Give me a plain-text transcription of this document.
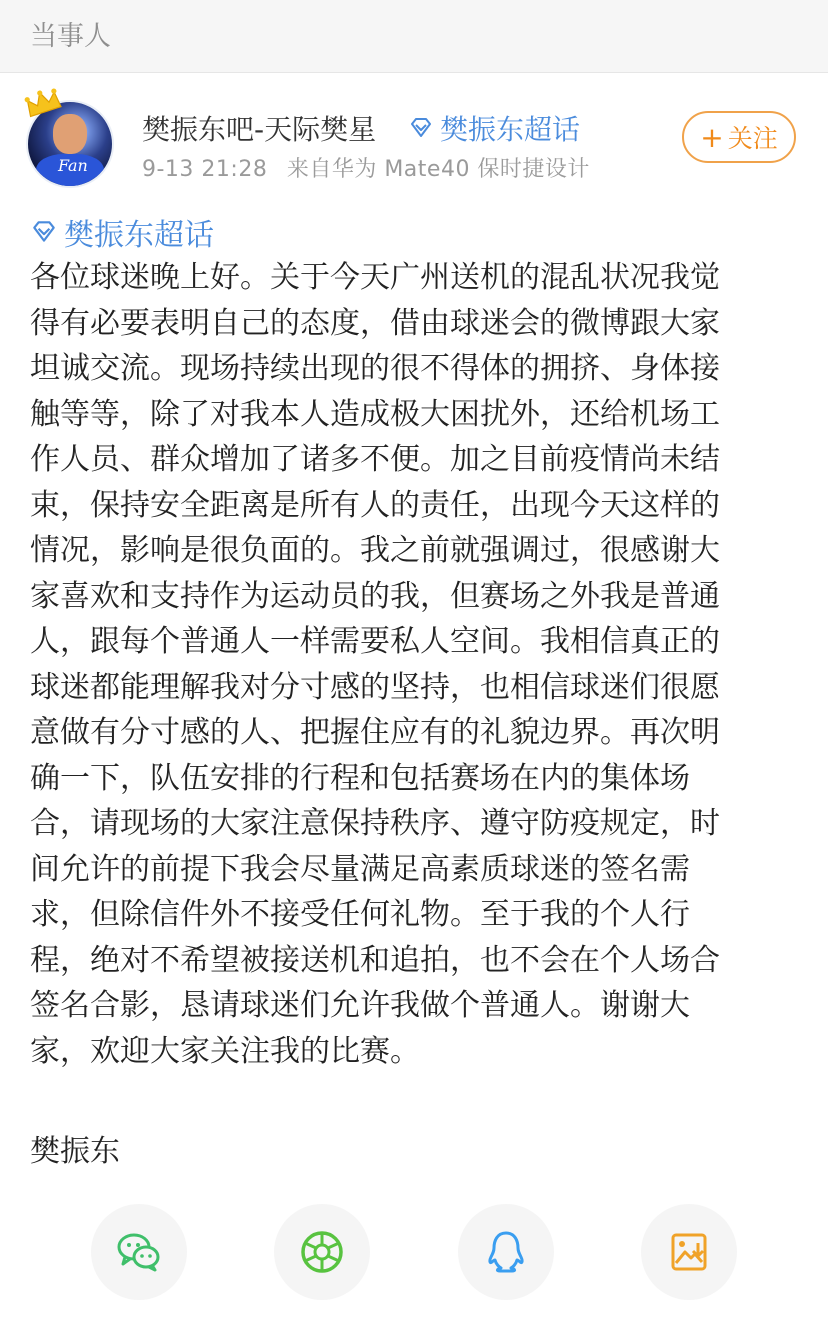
当事人
Fan
樊振东吧-天际樊星 樊振东超话
9-13 21:28 来自华为 Mate40 保时捷设计
+ 关注
樊振东超话
各位球迷晚上好。关于今天广州送机的混乱状况我觉
得有必要表明自己的态度，借由球迷会的微博跟大家
坦诚交流。现场持续出现的很不得体的拥挤、身体接
触等等，除了对我本人造成极大困扰外，还给机场工
作人员、群众增加了诸多不便。加之目前疫情尚未结
束，保持安全距离是所有人的责任，出现今天这样的
情况，影响是很负面的。我之前就强调过，很感谢大
家喜欢和支持作为运动员的我，但赛场之外我是普通
人，跟每个普通人一样需要私人空间。我相信真正的
球迷都能理解我对分寸感的坚持，也相信球迷们很愿
意做有分寸感的人、把握住应有的礼貌边界。再次明
确一下，队伍安排的行程和包括赛场在内的集体场
合，请现场的大家注意保持秩序、遵守防疫规定，时
间允许的前提下我会尽量满足高素质球迷的签名需
求，但除信件外不接受任何礼物。至于我的个人行
程，绝对不希望被接送机和追拍，也不会在个人场合
签名合影，恳请球迷们允许我做个普通人。谢谢大
家，欢迎大家关注我的比赛。
樊振东
